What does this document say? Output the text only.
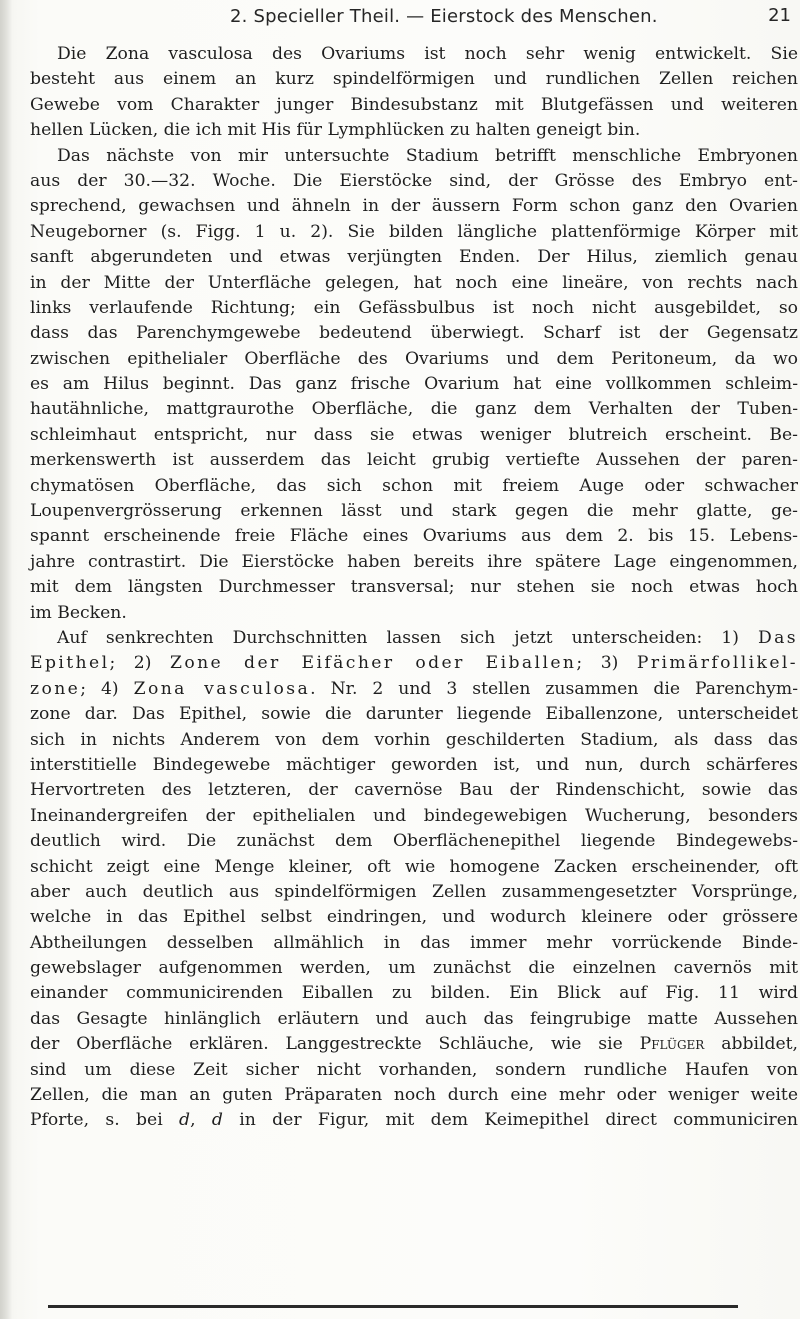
2. Specieller Theil. — Eierstock des Menschen.	21
Die Zona vasculosa des Ovariums ist noch sehr wenig entwickelt. Sie
besteht aus einem an kurz spindelförmigen und rundlichen Zellen reichen
Gewebe vom Charakter junger Bindesubstanz mit Blutgefässen und weiteren
hellen Lücken, die ich mit His für Lymphlücken zu halten geneigt bin.
Das nächste von mir untersuchte Stadium betrifft menschliche Embryonen
aus der 30.—32. Woche. Die Eierstöcke sind, der Grösse des Embryo ent-
sprechend, gewachsen und ähneln in der äussern Form schon ganz den Ovarien
Neugeborner (s. Figg. 1 u. 2). Sie bilden längliche plattenförmige Körper mit
sanft abgerundeten und etwas verjüngten Enden. Der Hilus, ziemlich genau
in der Mitte der Unterfläche gelegen, hat noch eine lineäre, von rechts nach
links verlaufende Richtung; ein Gefässbulbus ist noch nicht ausgebildet, so
dass das Parenchymgewebe bedeutend überwiegt. Scharf ist der Gegensatz
zwischen epithelialer Oberfläche des Ovariums und dem Peritoneum, da wo
es am Hilus beginnt. Das ganz frische Ovarium hat eine vollkommen schleim-
hautähnliche, mattgraurothe Oberfläche, die ganz dem Verhalten der Tuben-
schleimhaut entspricht, nur dass sie etwas weniger blutreich erscheint. Be-
merkenswerth ist ausserdem das leicht grubig vertiefte Aussehen der paren-
chymatösen Oberfläche, das sich schon mit freiem Auge oder schwacher
Loupenvergrösserung erkennen lässt und stark gegen die mehr glatte, ge-
spannt erscheinende freie Fläche eines Ovariums aus dem 2. bis 15. Lebens-
jahre contrastirt. Die Eierstöcke haben bereits ihre spätere Lage eingenommen,
mit dem längsten Durchmesser transversal; nur stehen sie noch etwas hoch
im Becken.
Auf senkrechten Durchschnitten lassen sich jetzt unterscheiden: 1) Das
Epithel; 2) Zone der Eifächer oder Eiballen; 3) Primärfollikel-
zone; 4) Zona vasculosa. Nr. 2 und 3 stellen zusammen die Parenchym-
zone dar. Das Epithel, sowie die darunter liegende Eiballenzone, unterscheidet
sich in nichts Anderem von dem vorhin geschilderten Stadium, als dass das
interstitielle Bindegewebe mächtiger geworden ist, und nun, durch schärferes
Hervortreten des letzteren, der cavernöse Bau der Rindenschicht, sowie das
Ineinandergreifen der epithelialen und bindegewebigen Wucherung, besonders
deutlich wird. Die zunächst dem Oberflächenepithel liegende Bindegewebs-
schicht zeigt eine Menge kleiner, oft wie homogene Zacken erscheinender, oft
aber auch deutlich aus spindelförmigen Zellen zusammengesetzter Vorsprünge,
welche in das Epithel selbst eindringen, und wodurch kleinere oder grössere
Abtheilungen desselben allmählich in das immer mehr vorrückende Binde-
gewebslager aufgenommen werden, um zunächst die einzelnen cavernös mit
einander communicirenden Eiballen zu bilden. Ein Blick auf Fig. 11 wird
das Gesagte hinlänglich erläutern und auch das feingrubige matte Aussehen
der Oberfläche erklären. Langgestreckte Schläuche, wie sie Pflüger abbildet,
sind um diese Zeit sicher nicht vorhanden, sondern rundliche Haufen von
Zellen, die man an guten Präparaten noch durch eine mehr oder weniger weite
Pforte, s. bei d, d in der Figur, mit dem Keimepithel direct communiciren
